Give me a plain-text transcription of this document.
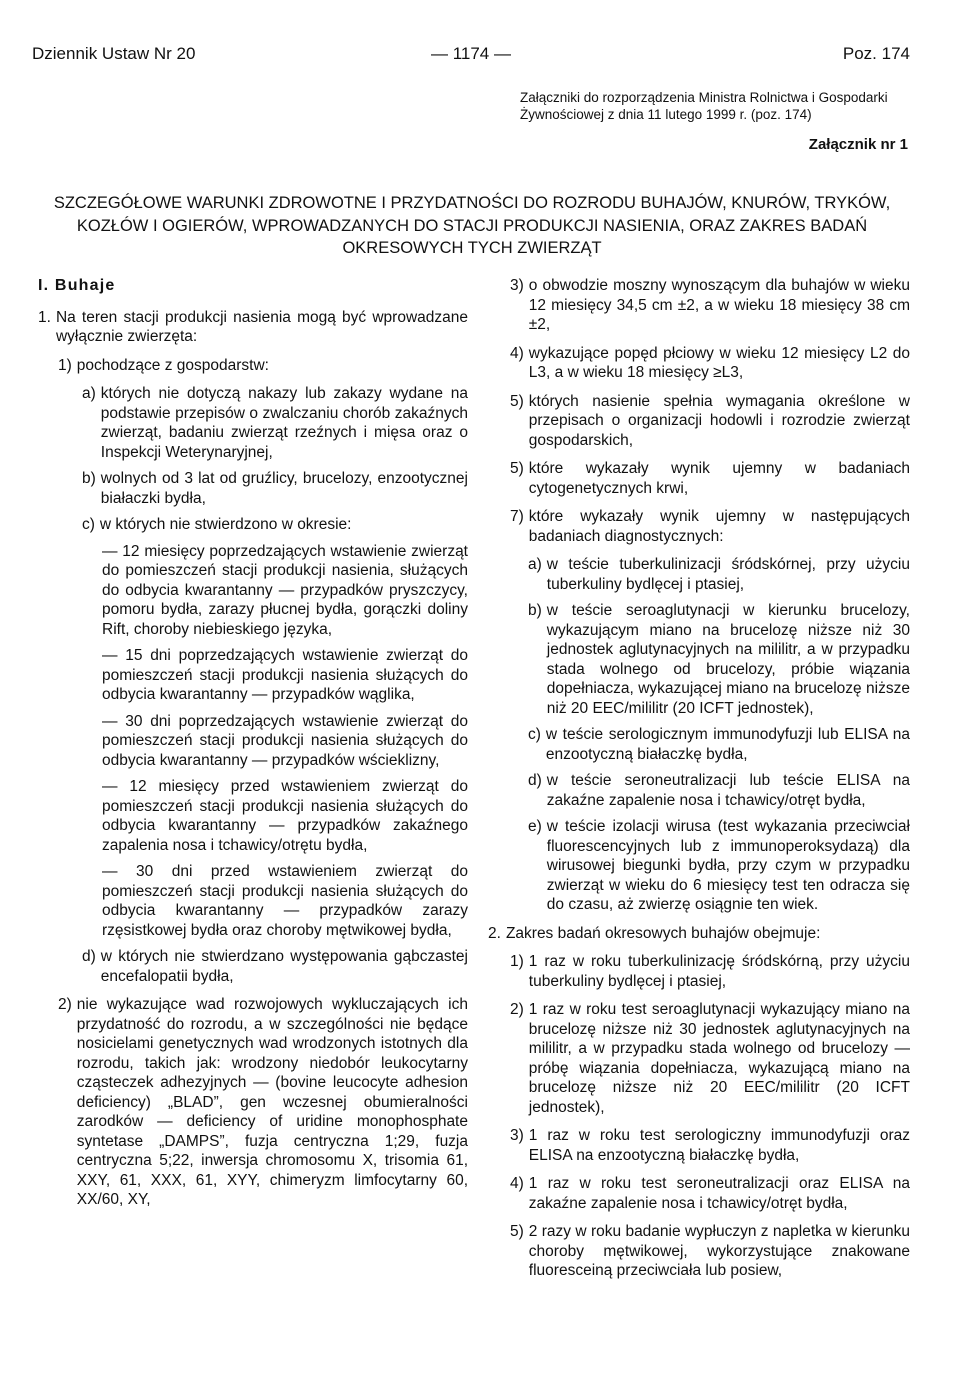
Dziennik Ustaw Nr 20	— 1174 —	Poz. 174
Załączniki do rozporządzenia Ministra Rolnictwa i Gospodarki
Żywnościowej z dnia 11 lutego 1999 r. (poz. 174)
Załącznik nr 1
SZCZEGÓŁOWE WARUNKI ZDROWOTNE I PRZYDATNOŚCI DO ROZRODU BUHAJÓW, KNURÓW, TRYKÓW,
KOZŁÓW I OGIERÓW, WPROWADZANYCH DO STACJI PRODUKCJI NASIENIA, ORAZ ZAKRES BADAŃ
OKRESOWYCH TYCH ZWIERZĄT

I. Buhaje

1. Na teren stacji produkcji nasienia mogą być wprowadzane wyłącznie zwierzęta:
1) pochodzące z gospodarstw:
a) których nie dotyczą nakazy lub zakazy wydane na podstawie przepisów o zwalczaniu chorób zakaźnych zwierząt, badaniu zwierząt rzeźnych i mięsa oraz o Inspekcji Weterynaryjnej,
b) wolnych od 3 lat od gruźlicy, brucelozy, enzootycznej białaczki bydła,
c) w których nie stwierdzono w okresie:

— 12 miesięcy poprzedzających wstawienie zwierząt do pomieszczeń stacji produkcji nasienia, służących do odbycia kwarantanny — przypadków pryszczycy, pomoru bydła, zarazy płucnej bydła, gorączki doliny Rift, choroby niebieskiego języka,

— 15 dni poprzedzających wstawienie zwierząt do pomieszczeń stacji produkcji nasienia służących do odbycia kwarantanny — przypadków wąglika,

— 30 dni poprzedzających wstawienie zwierząt do pomieszczeń stacji produkcji nasienia służących do odbycia kwarantanny — przypadków wścieklizny,

— 12 miesięcy przed wstawieniem zwierząt do pomieszczeń stacji produkcji nasienia służących do odbycia kwarantanny — przypadków zakaźnego zapalenia nosa i tchawicy/otrętu bydła,

— 30 dni przed wstawieniem zwierząt do pomieszczeń stacji produkcji nasienia służących do odbycia kwarantanny — przypadków zarazy rzęsistkowej bydła oraz choroby mętwikowej bydła,

d) w których nie stwierdzano występowania gąbczastej encefalopatii bydła,
2) nie wykazujące wad rozwojowych wykluczających ich przydatność do rozrodu, a w szczególności nie będące nosicielami genetycznych wad wrodzonych istotnych dla rozrodu, takich jak: wrodzony niedobór leukocytarny cząsteczek adhezyjnych — (bovine leucocyte adhesion deficiency) „BLAD”, gen wczesnej obumieralności zarodków — deficiency of uridine monophosphate syntetase „DAMPS”, fuzja centryczna 1;29, fuzja centryczna 5;22, inwersja chromosomu X, trisomia 61, XXY, 61, XXX, 61, XYY, chimeryzm limfocytarny 60, XX/60, XY,
3) o obwodzie moszny wynoszącym dla buhajów w wieku 12 miesięcy 34,5 cm ±2, a w wieku 18 miesięcy 38 cm ±2,
4) wykazujące popęd płciowy w wieku 12 miesięcy L2 do L3, a w wieku 18 miesięcy ≥L3,
5) których nasienie spełnia wymagania określone w przepisach o organizacji hodowli i rozrodzie zwierząt gospodarskich,
5) które wykazały wynik ujemny w badaniach cytogenetycznych krwi,
7) które wykazały wynik ujemny w następujących badaniach diagnostycznych:
a) w teście tuberkulinizacji śródskórnej, przy użyciu tuberkuliny bydlęcej i ptasiej,
b) w teście seroaglutynacji w kierunku brucelozy, wykazującym miano na brucelozę niższe niż 30 jednostek aglutynacyjnych na mililitr, a w przypadku stada wolnego od brucelozy, próbie wiązania dopełniacza, wykazującej miano na brucelozę niższe niż 20 EEC/mililitr (20 ICFT jednostek),
c) w teście serologicznym immunodyfuzji lub ELISA na enzootyczną białaczkę bydła,
d) w teście seroneutralizacji lub teście ELISA na zakaźne zapalenie nosa i tchawicy/otręt bydła,
e) w teście izolacji wirusa (test wykazania przeciwciał fluorescencyjnych lub z immunoperoksydazą) dla wirusowej biegunki bydła, przy czym w przypadku zwierząt w wieku do 6 miesięcy test ten odracza się do czasu, aż zwierzę osiągnie ten wiek.
2. Zakres badań okresowych buhajów obejmuje:
1) 1 raz w roku tuberkulinizację śródskórną, przy użyciu tuberkuliny bydlęcej i ptasiej,
2) 1 raz w roku test seroaglutynacji wykazujący miano na brucelozę niższe niż 30 jednostek aglutynacyjnych na mililitr, a w przypadku stada wolnego od brucelozy — próbę wiązania dopełniacza, wykazującą miano na brucelozę niższe niż 20 EEC/mililitr (20 ICFT jednostek),
3) 1 raz w roku test serologiczny immunodyfuzji oraz ELISA na enzootyczną białaczkę bydła,
4) 1 raz w roku test seroneutralizacji oraz ELISA na zakaźne zapalenie nosa i tchawicy/otręt bydła,
5) 2 razy w roku badanie wypłuczyn z napletka w kierunku choroby mętwikowej, wykorzystujące znakowane fluoresceiną przeciwciała lub posiew,
